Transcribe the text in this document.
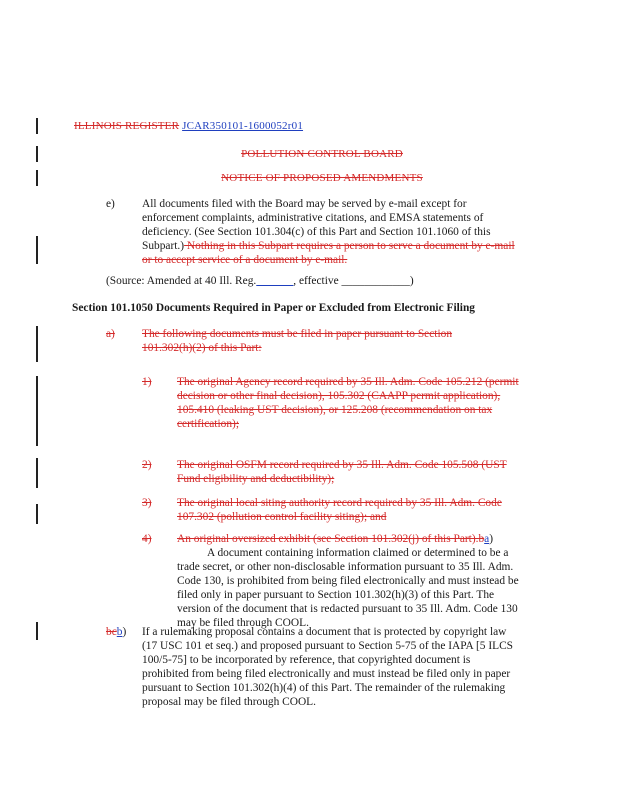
ILLINOIS REGISTER JCAR350101-1600052r01
POLLUTION CONTROL BOARD
NOTICE OF PROPOSED AMENDMENTS
e) All documents filed with the Board may be served by e-mail except for
enforcement complaints, administrative citations, and EMSA statements of
deficiency. (See Section 101.304(c) of this Part and Section 101.1060 of this
Subpart.) Nothing in this Subpart requires a person to serve a document by e-mail
or to accept service of a document by e-mail.
(Source: Amended at 40 Ill. Reg. ______, effective ____________)
Section 101.1050 Documents Required in Paper or Excluded from Electronic Filing
a) The following documents must be filed in paper pursuant to Section
101.302(h)(2) of this Part:
1) The original Agency record required by 35 Ill. Adm. Code 105.212 (permit
decision or other final decision), 105.302 (CAAPP permit application),
105.410 (leaking UST decision), or 125.208 (recommendation on tax
certification);
2) The original OSFM record required by 35 Ill. Adm. Code 105.508 (UST
Fund eligibility and deductibility);
3) The original local siting authority record required by 35 Ill. Adm. Code
107.302 (pollution control facility siting); and
4) An original oversized exhibit (see Section 101.302(j) of this Part).ba)
A document containing information claimed or determined to be a
trade secret, or other non-disclosable information pursuant to 35 Ill. Adm.
Code 130, is prohibited from being filed electronically and must instead be
filed only in paper pursuant to Section 101.302(h)(3) of this Part. The
version of the document that is redacted pursuant to 35 Ill. Adm. Code 130
may be filed through COOL.
bcb) If a rulemaking proposal contains a document that is protected by copyright law
(17 USC 101 et seq.) and proposed pursuant to Section 5-75 of the IAPA [5 ILCS
100/5-75] to be incorporated by reference, that copyrighted document is
prohibited from being filed electronically and must instead be filed only in paper
pursuant to Section 101.302(h)(4) of this Part. The remainder of the rulemaking
proposal may be filed through COOL.
